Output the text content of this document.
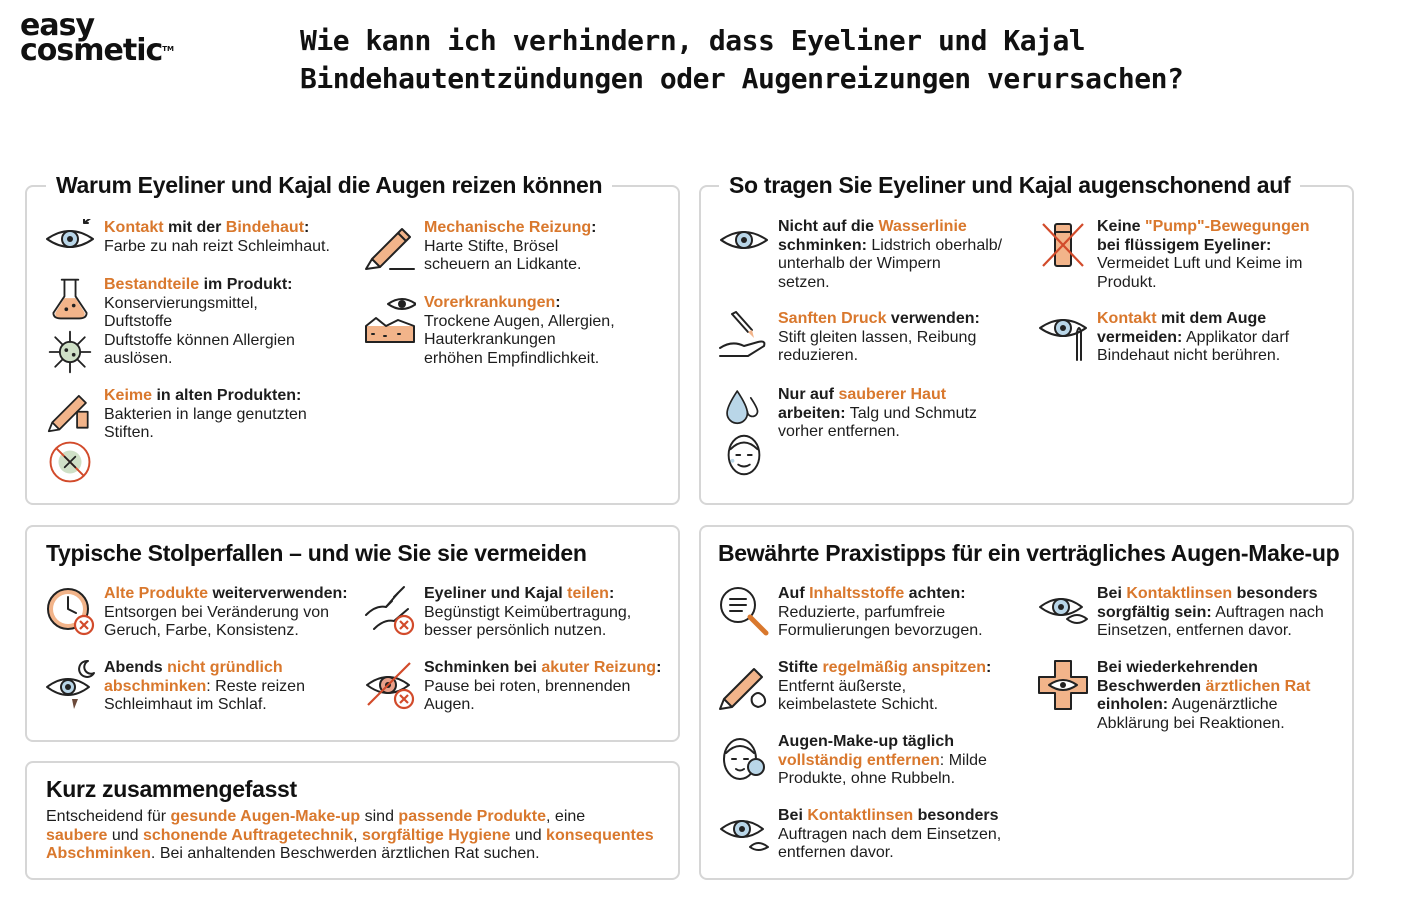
easy
cosmetic™	Wie kann ich verhindern, dass Eyeliner und Kajal
Bindehautentzündungen oder Augenreizungen verursachen?
Warum Eyeliner und Kajal die Augen reizen können
Kontakt mit der Bindehaut:
Farbe zu nah reizt Schleimhaut.
Bestandteile im Produkt:
Konservierungsmittel,
Duftstoffe
Duftstoffe können Allergien
auslösen.
Keime in alten Produkten:
Bakterien in lange genutzten
Stiften.
Mechanische Reizung:
Harte Stifte, Brösel
scheuern an Lidkante.
Vorerkrankungen:
Trockene Augen, Allergien,
Hauterkrankungen
erhöhen Empfindlichkeit.
So tragen Sie Eyeliner und Kajal augenschonend auf
Nicht auf die Wasserlinie
schminken: Lidstrich oberhalb/
unterhalb der Wimpern
setzen.
Sanften Druck verwenden:
Stift gleiten lassen, Reibung
reduzieren.
Nur auf sauberer Haut
arbeiten: Talg und Schmutz
vorher entfernen.
Keine "Pump"-Bewegungen
bei flüssigem Eyeliner:
Vermeidet Luft und Keime im
Produkt.
Kontakt mit dem Auge
vermeiden: Applikator darf
Bindehaut nicht berühren.
Typische Stolperfallen – und wie Sie sie vermeiden
Alte Produkte weiterverwenden:
Entsorgen bei Veränderung von
Geruch, Farbe, Konsistenz.
Abends nicht gründlich
abschminken: Reste reizen
Schleimhaut im Schlaf.
Eyeliner und Kajal teilen:
Begünstigt Keimübertragung,
besser persönlich nutzen.
Schminken bei akuter Reizung:
Pause bei roten, brennenden
Augen.
Kurz zusammengefasst
Entscheidend für gesunde Augen-Make-up sind passende Produkte, eine
saubere und schonende Auftragetechnik, sorgfältige Hygiene und konsequentes
Abschminken. Bei anhaltenden Beschwerden ärztlichen Rat suchen.
Bewährte Praxistipps für ein verträgliches Augen-Make-up
Auf Inhaltsstoffe achten:
Reduzierte, parfumfreie
Formulierungen bevorzugen.
Stifte regelmäßig anspitzen:
Entfernt äußerste,
keimbelastete Schicht.
Augen-Make-up täglich
vollständig entfernen: Milde
Produkte, ohne Rubbeln.
Bei Kontaktlinsen besonders
Auftragen nach dem Einsetzen,
entfernen davor.
Bei Kontaktlinsen besonders
sorgfältig sein: Auftragen nach
Einsetzen, entfernen davor.
Bei wiederkehrenden
Beschwerden ärztlichen Rat
einholen: Augenärztliche
Abklärung bei Reaktionen.
